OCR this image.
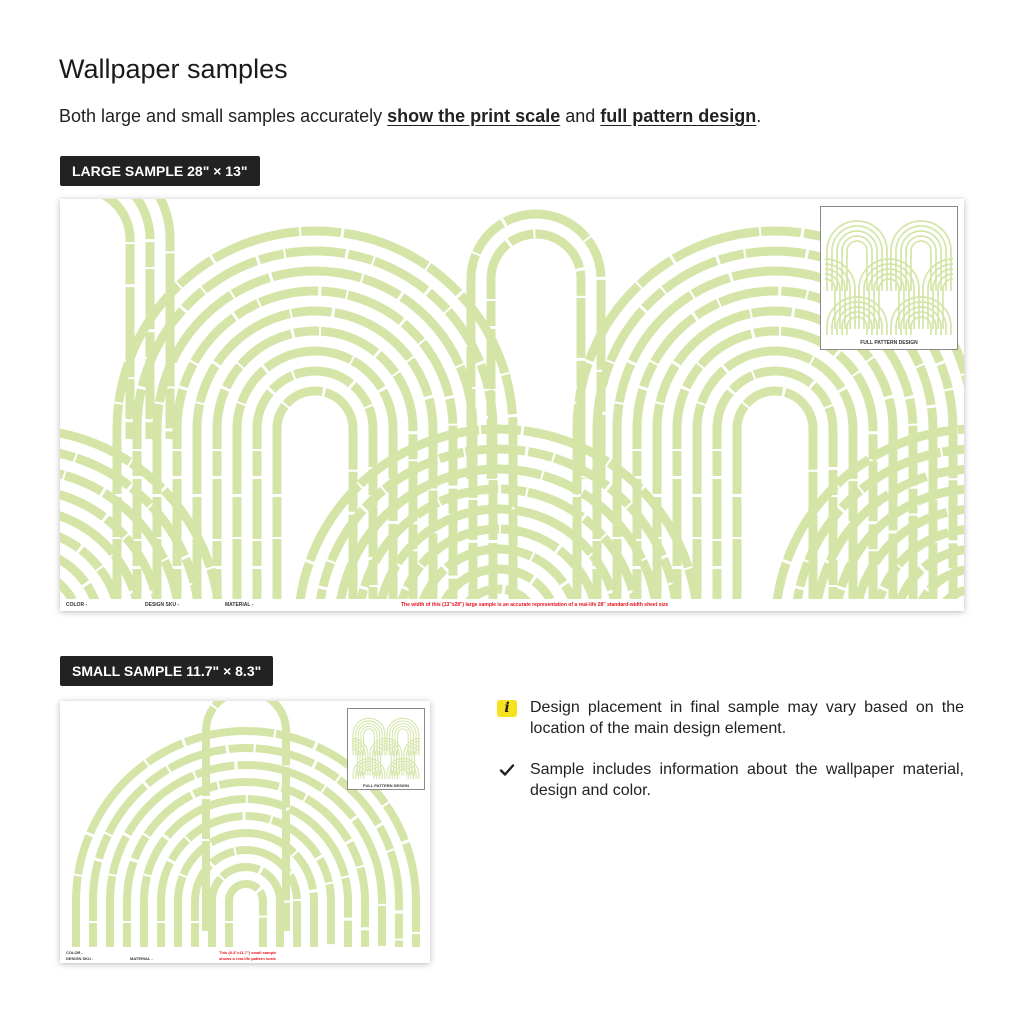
Wallpaper samples
Both large and small samples accurately show the print scale and full pattern design.
LARGE SAMPLE 28" × 13"
FULL PATTERN DESIGN
COLOR -	DESIGN SKU -	MATERIAL -	The width of this (13"x28") large sample is an accurate representation of a real-life 28" standard-width sheet size
SMALL SAMPLE 11.7" × 8.3"
FULL PATTERN DESIGN
COLOR -
DESIGN SKU -	MATERIAL -
This (8.3"x11.7") small sample
shows a real-life pattern scale
i	Design placement in final sample may vary based on the location of the main design element.
Sample includes information about the wallpaper material, design and color.
